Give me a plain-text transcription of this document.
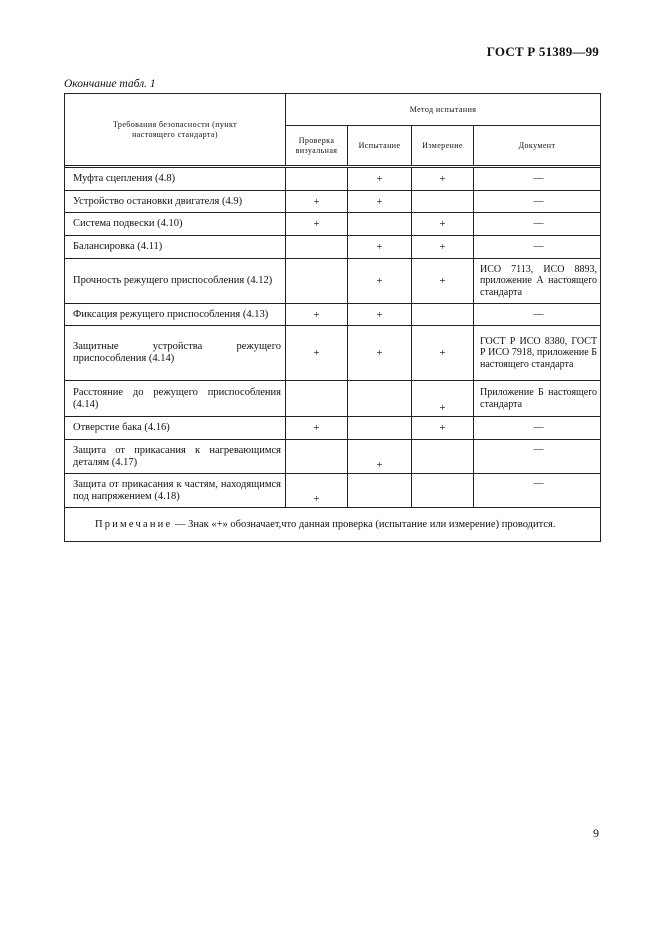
ГОСТ Р 51389—99
Окончание табл. 1
Требования безопасности (пункт настоящего стандарта)	Метод испытания			
	Проверка визуальная	Испытание	Измерение	Документ

Муфта сцепления (4.8)		+	+	—
Устройство остановки двигателя (4.9)	+	+		—
Система подвески (4.10)	+		+	—
Балансировка (4.11)		+	+	—
Прочность режущего приспособления (4.12)		+	+	ИСО 7113, ИСО 8893, приложение А настоящего стандарта
Фиксация режущего приспособления (4.13)	+	+		—
Защитные устройства режущего приспособления (4.14)	+	+	+	ГОСТ Р ИСО 8380, ГОСТ Р ИСО 7918, приложение Б настоящего стандарта
Расстояние до режущего приспособления (4.14)			+	Приложение Б настоящего стандарта
Отверстие бака (4.16)	+		+	—
Защита от прикасания к нагревающимся деталям (4.17)		+		—
Защита от прикасания к частям, находящимся под напряжением (4.18)	+			—
Примечание — Знак «+» обозначает,что данная проверка (испытание или измерение) проводится.				
9
